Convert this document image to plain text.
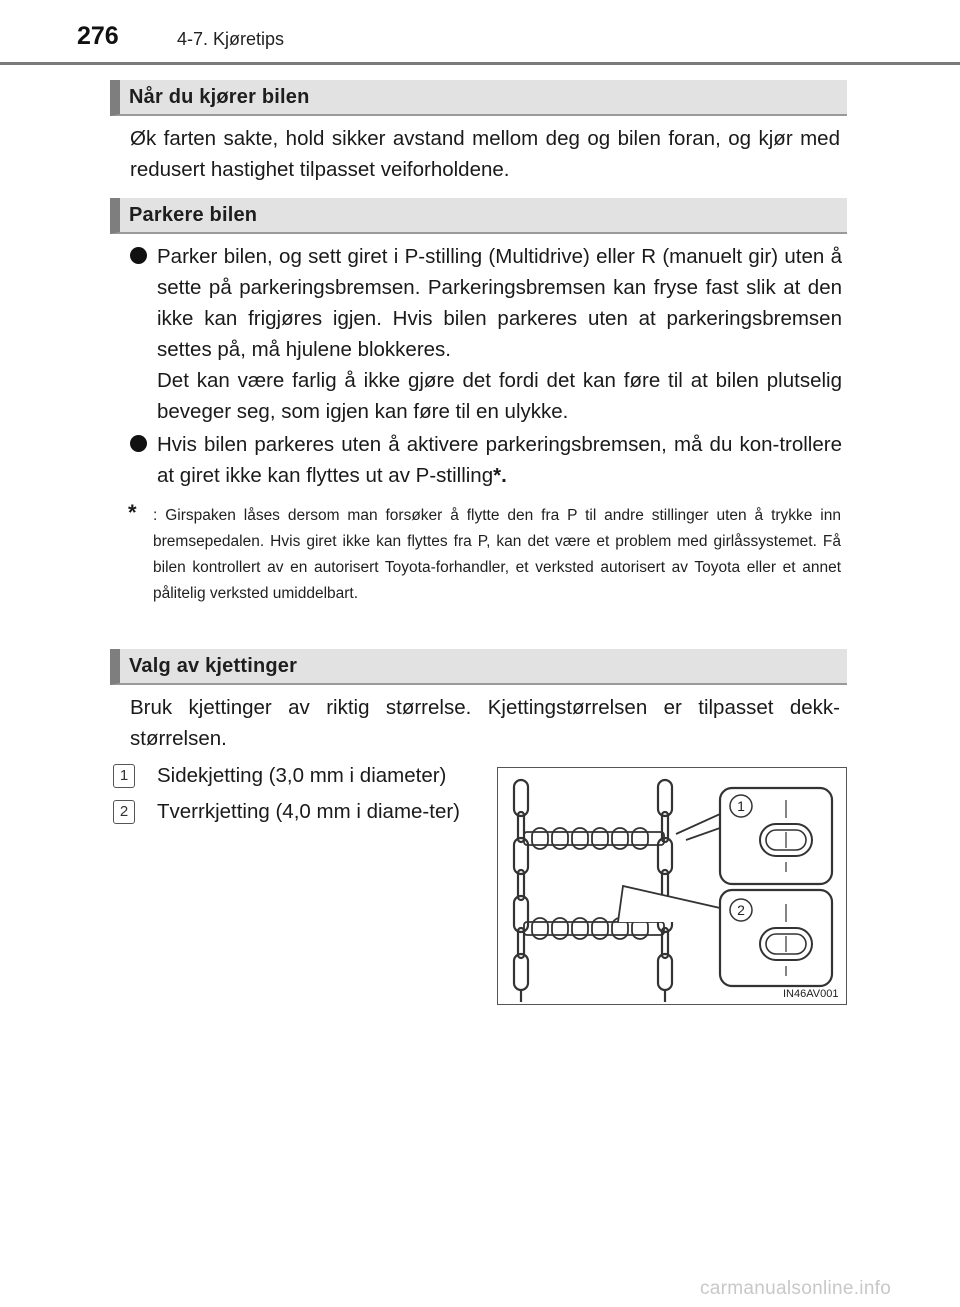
276	4-7. Kjøretips
Når du kjører bilen
Øk farten sakte, hold sikker avstand mellom deg og bilen foran, og kjør med redusert hastighet tilpasset veiforholdene.
Parkere bilen
Parker bilen, og sett giret i P-stilling (Multidrive) eller R (manuelt gir) uten å sette på parkeringsbremsen. Parkeringsbremsen kan fryse fast slik at den ikke kan frigjøres igjen. Hvis bilen parkeres uten at parkeringsbremsen settes på, må hjulene blokkeres.
Det kan være farlig å ikke gjøre det fordi det kan føre til at bilen plutselig beveger seg, som igjen kan føre til en ulykke.
Hvis bilen parkeres uten å aktivere parkeringsbremsen, må du kon-trollere at giret ikke kan flyttes ut av P-stilling*.
* : Girspaken låses dersom man forsøker å flytte den fra P til andre stillinger uten å trykke inn bremsepedalen. Hvis giret ikke kan flyttes fra P, kan det være et problem med girlåssystemet. Få bilen kontrollert av en autorisert Toyota-forhandler, et verksted autorisert av Toyota eller et annet pålitelig verksted umiddelbart.
Valg av kjettinger
Bruk kjettinger av riktig størrelse. Kjettingstørrelsen er tilpasset dekk-størrelsen.
1	Sidekjetting (3,0 mm i diameter)
2	Tverrkjetting (4,0 mm i diame-ter)	1
2
IN46AV001
carmanualsonline.info
